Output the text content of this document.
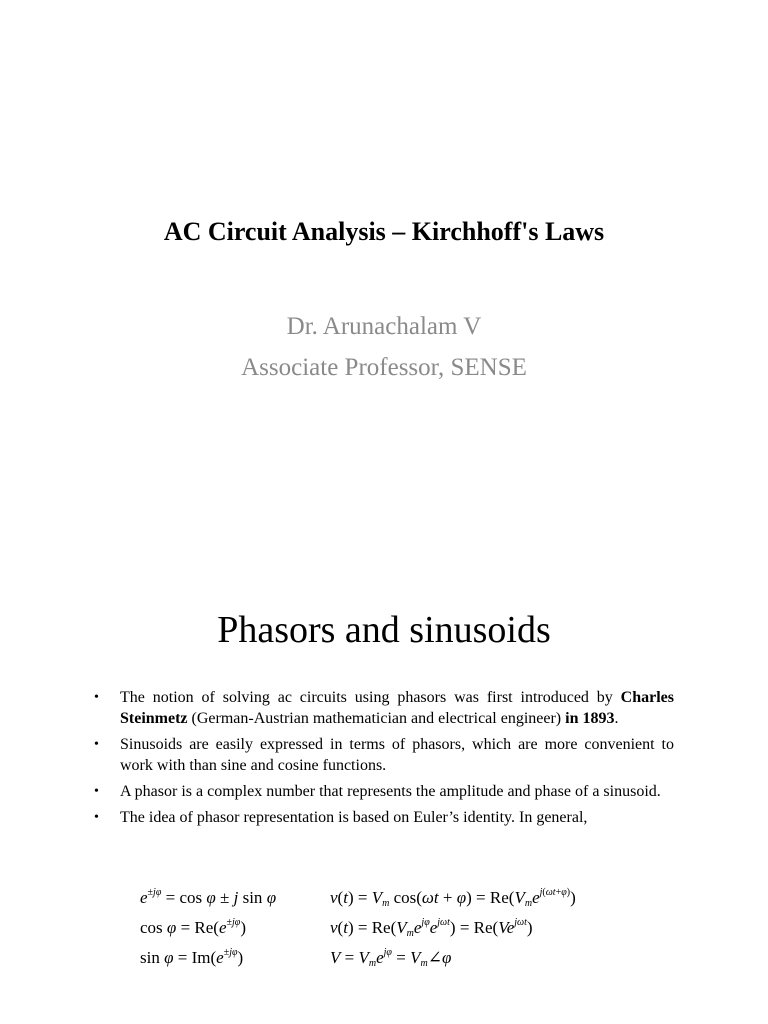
AC Circuit Analysis – Kirchhoff's Laws
Dr. Arunachalam V
Associate Professor, SENSE
Phasors and sinusoids
• The notion of solving ac circuits using phasors was first introduced by Charles Steinmetz (German-Austrian mathematician and electrical engineer) in 1893.
• Sinusoids are easily expressed in terms of phasors, which are more convenient to work with than sine and cosine functions.
• A phasor is a complex number that represents the amplitude and phase of a sinusoid.
• The idea of phasor representation is based on Euler’s identity. In general,
$e^{\pm j\varphi} = \cos \varphi \pm j$ sin φ
$\cos \varphi = Re(e^{\pm j\varphi})$
$\sin \varphi = Im(e^{\pm j\varphi})$
$v(t) = V_m$ $\cos(\omega t + \varphi) = Re(V_me^{j(\omega t+\varphi)})$
$v(t) = Re(V_me^{j\varphi}e^{j\omega t}) = Re(Ve^{j\omega t})$
$V = V_me^{j\varphi}$ = $V_m\angle\varphi$
